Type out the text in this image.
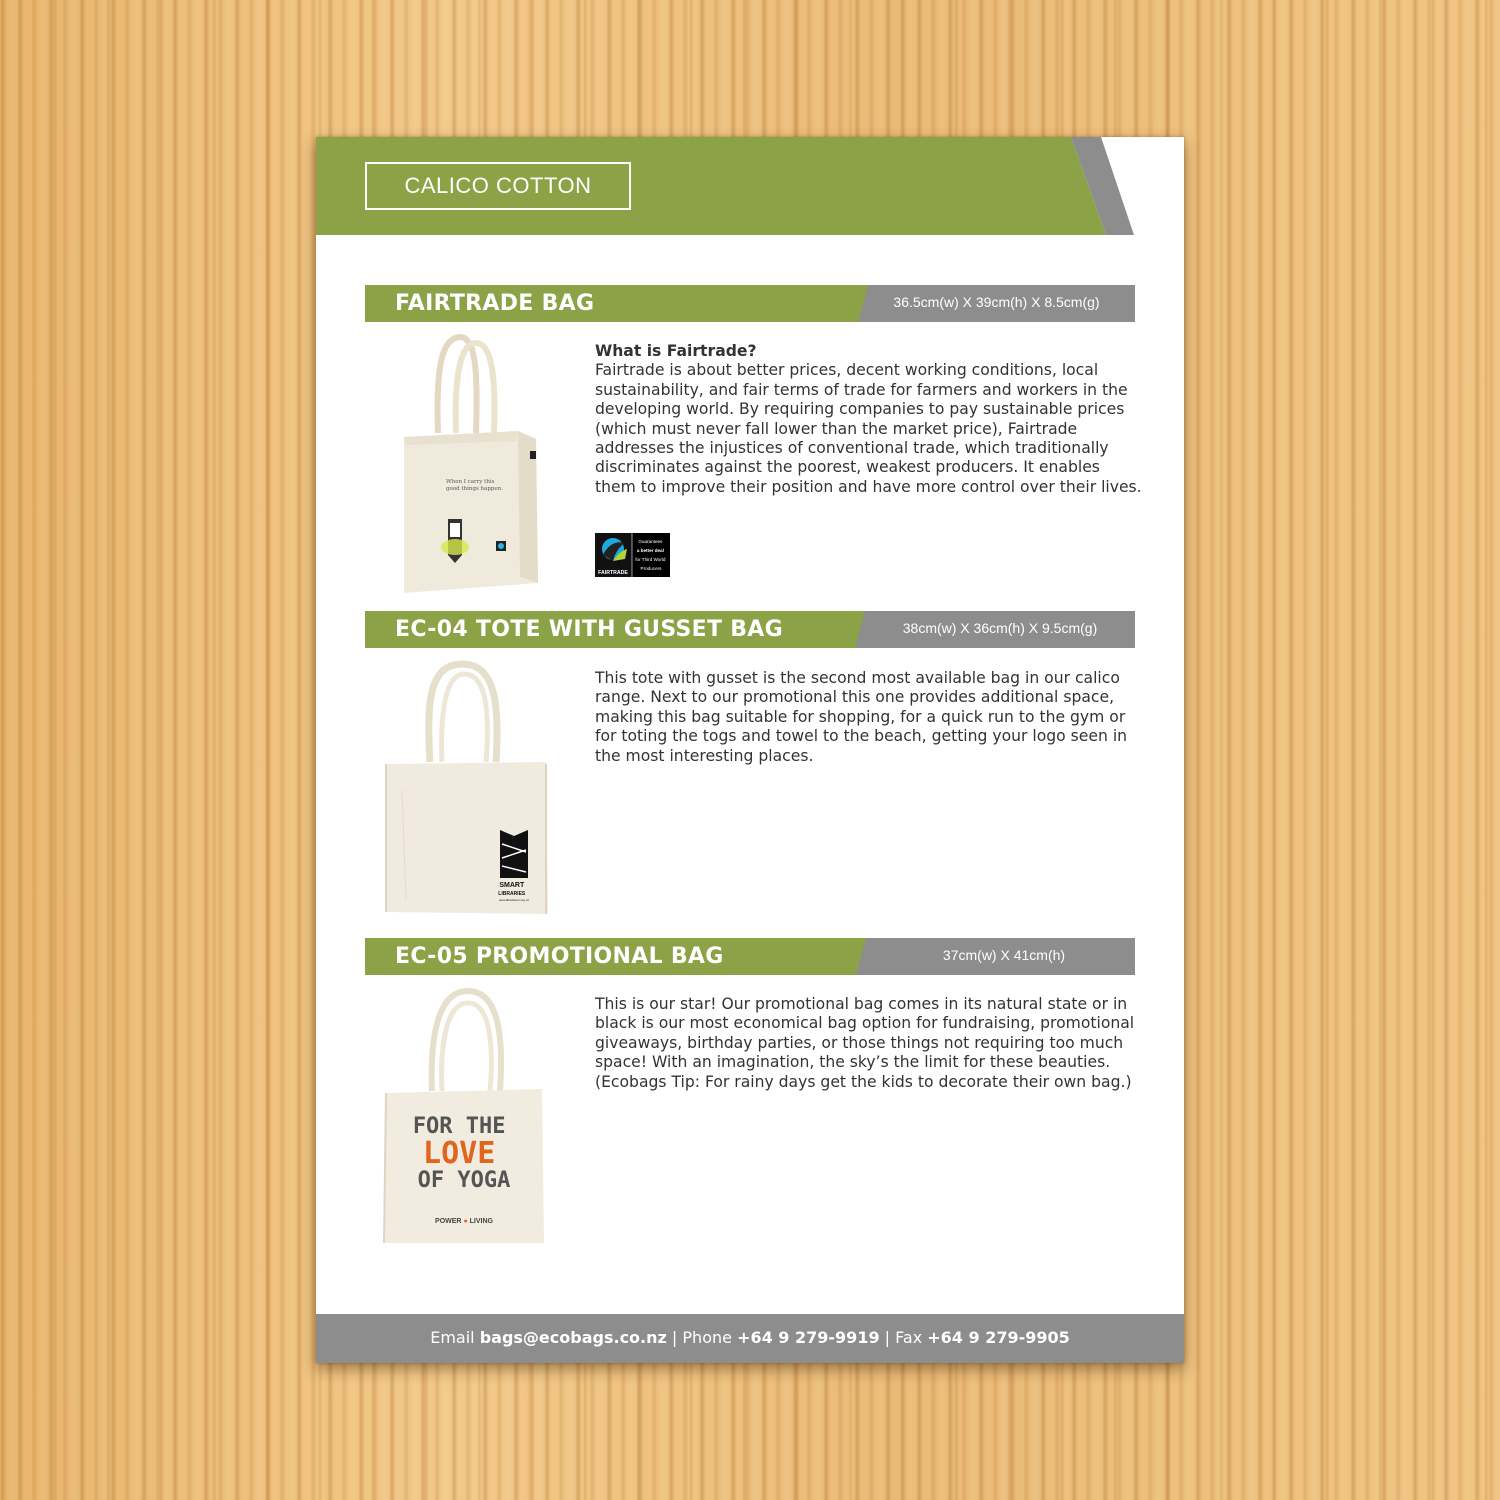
CALICO COTTON
FAIRTRADE BAG	36.5cm(w) X 39cm(h) X 8.5cm(g)
When I carry this good things happen.
What is Fairtrade?
Fairtrade is about better prices, decent working conditions, local sustainability, and fair terms of trade for farmers and workers in the developing world. By requiring companies to pay sustainable prices (which must never fall lower than the market price), Fairtrade addresses the injustices of conventional trade, which traditionally discriminates against the poorest, weakest producers. It enables them to improve their position and have more control over their lives.
FAIRTRADE
Guarantees a better deal for Third World Producers
EC-04 TOTE WITH GUSSET BAG	38cm(w) X 36cm(h) X 9.5cm(g)
SMART LIBRARIES www.librariesnz.org.nz
This tote with gusset is the second most available bag in our calico range. Next to our promotional this one provides additional space, making this bag suitable for shopping, for a quick run to the gym or for toting the togs and towel to the beach, getting your logo seen in the most interesting places.
EC-05 PROMOTIONAL BAG	37cm(w) X 41cm(h)
FOR THE LOVE OF YOGA
POWER ● LIVING
This is our star! Our promotional bag comes in its natural state or in black is our most economical bag option for fundraising, promotional giveaways, birthday parties, or those things not requiring too much space! With an imagination, the sky’s the limit for these beauties. (Ecobags Tip: For rainy days get the kids to decorate their own bag.)
Email bags@ecobags.co.nz | Phone +64 9 279-9919 | Fax +64 9 279-9905
